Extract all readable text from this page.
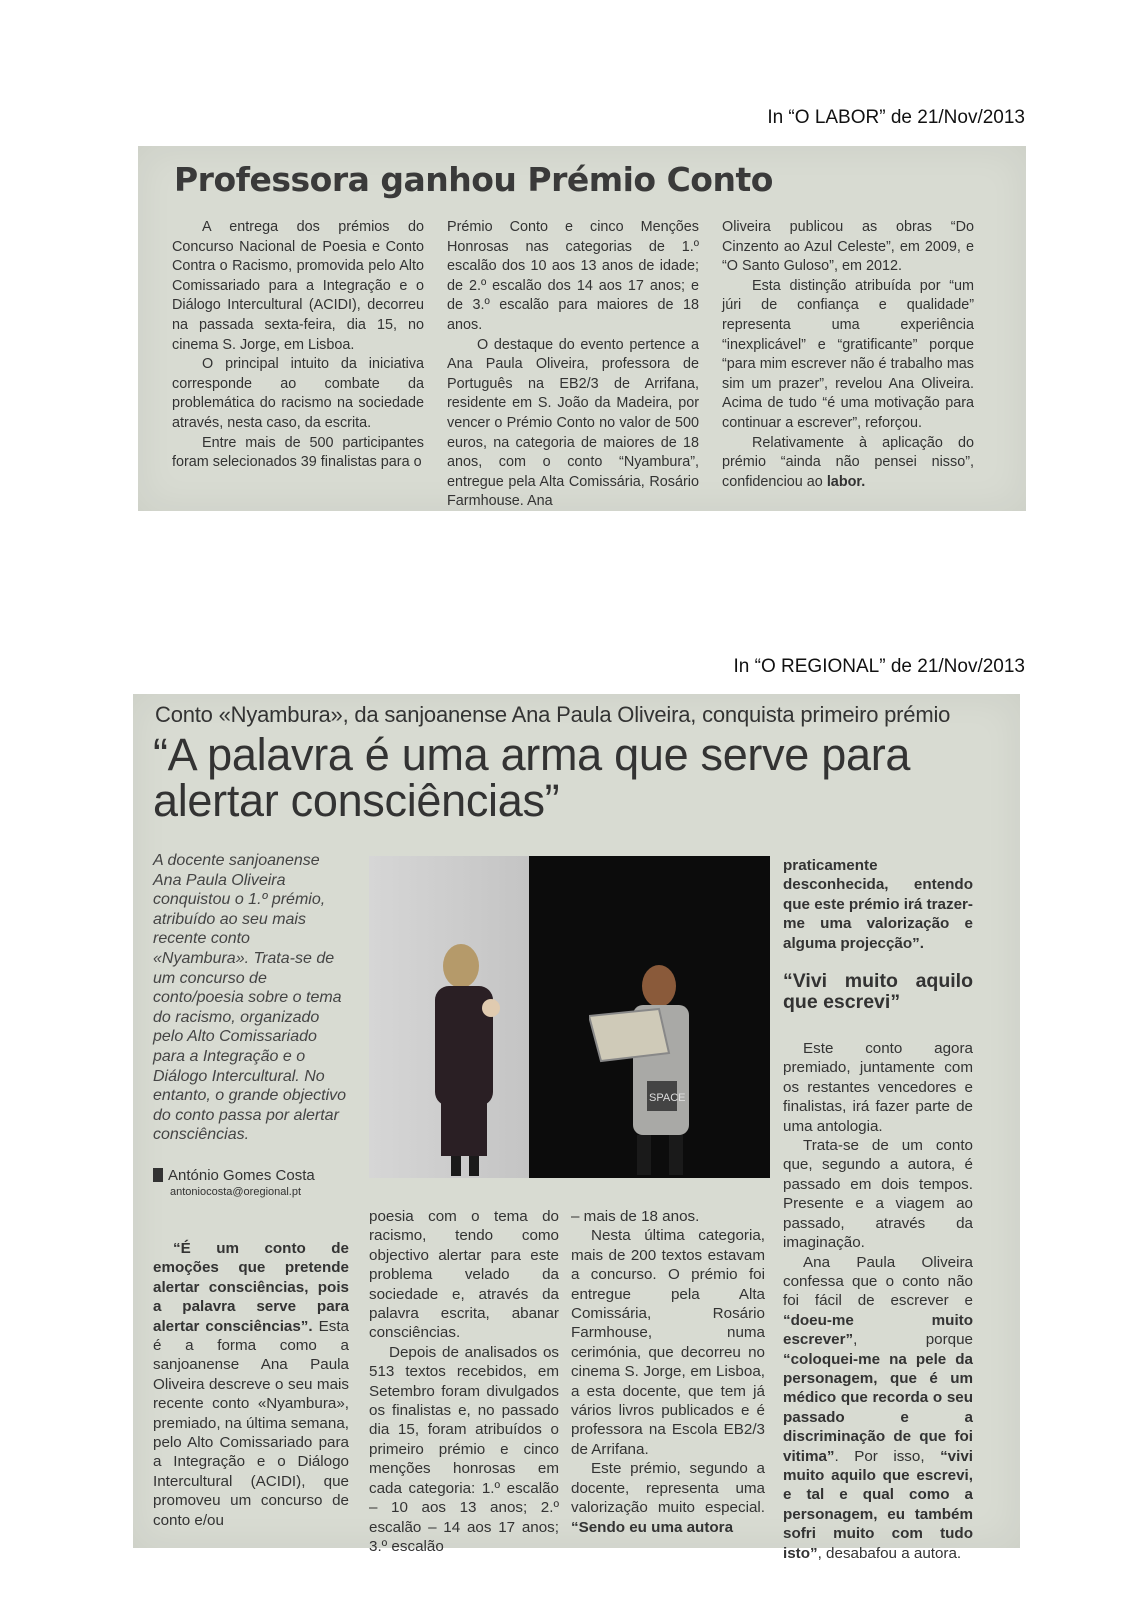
In “O LABOR” de 21/Nov/2013
Professora ganhou Prémio Conto

A entrega dos prémios do Concurso Nacional de Poesia e Conto Contra o Racismo, promovida pelo Alto Comissariado para a Integração e o Diálogo Intercultural (ACIDI), decorreu na passada sexta-feira, dia 15, no cinema S. Jorge, em Lisboa.

O principal intuito da iniciativa corresponde ao combate da problemática do racismo na sociedade através, nesta caso, da escrita.

Entre mais de 500 participantes foram selecionados 39 finalistas para o

Prémio Conto e cinco Menções Honrosas nas categorias de 1.º escalão dos 10 aos 13 anos de idade; de 2.º escalão dos 14 aos 17 anos; e de 3.º escalão para maiores de 18 anos.

O destaque do evento pertence a Ana Paula Oliveira, professora de Português na EB2/3 de Arrifana, residente em S. João da Madeira, por vencer o Prémio Conto no valor de 500 euros, na categoria de maiores de 18 anos, com o conto “Nyambura”, entregue pela Alta Comissária, Rosário Farmhouse. Ana

Oliveira publicou as obras “Do Cinzento ao Azul Celeste”, em 2009, e “O Santo Guloso”, em 2012.

Esta distinção atribuída por “um júri de confiança e qualidade” representa uma experiência “inexplicável” e “gratificante” porque “para mim escrever não é trabalho mas sim um prazer”, revelou Ana Oliveira. Acima de tudo “é uma motivação para continuar a escrever”, reforçou.

Relativamente à aplicação do prémio “ainda não pensei nisso”, confidenciou ao labor.

In “O REGIONAL” de 21/Nov/2013
Conto «Nyambura», da sanjoanense Ana Paula Oliveira, conquista primeiro prémio
“A palavra é uma arma que serve para alertar consciências”
A docente sanjoanense Ana Paula Oliveira conquistou o 1.º prémio, atribuído ao seu mais recente conto «Nyambura». Trata-se de um concurso de conto/poesia sobre o tema do racismo, organizado pelo Alto Comissariado para a Integração e o Diálogo Intercultural. No entanto, o grande objectivo do conto passa por alertar consciências.
António Gomes Costa
antoniocosta@oregional.pt
SPACE

“É um conto de emoções que pretende alertar consciências, pois a palavra serve para alertar consciências”. Esta é a forma como a sanjoanense Ana Paula Oliveira descreve o seu mais recente conto «Nyambura», premiado, na última semana, pelo Alto Comissariado para a Integração e o Diálogo Intercultural (ACIDI), que promoveu um concurso de conto e/ou

poesia com o tema do racismo, tendo como objectivo alertar para este problema velado da sociedade e, através da palavra escrita, abanar consciências.

Depois de analisados os 513 textos recebidos, em Setembro foram divulgados os finalistas e, no passado dia 15, foram atribuídos o primeiro prémio e cinco menções honrosas em cada categoria: 1.º escalão – 10 aos 13 anos; 2.º escalão – 14 aos 17 anos; 3.º escalão

– mais de 18 anos.

Nesta última categoria, mais de 200 textos estavam a concurso. O prémio foi entregue pela Alta Comissária, Rosário Farmhouse, numa cerimónia, que decorreu no cinema S. Jorge, em Lisboa, a esta docente, que tem já vários livros publicados e é professora na Escola EB2/3 de Arrifana.

Este prémio, segundo a docente, representa uma valorização muito especial. “Sendo eu uma autora

praticamente desconhecida, entendo que este prémio irá trazer-me uma valorização e alguma projecção”.

“Vivi muito aquilo que escrevi”

Este conto agora premiado, juntamente com os restantes vencedores e finalistas, irá fazer parte de uma antologia.

Trata-se de um conto que, segundo a autora, é passado em dois tempos. Presente e a viagem ao passado, através da imaginação.

Ana Paula Oliveira confessa que o conto não foi fácil de escrever e “doeu-me muito escrever”, porque “coloquei-me na pele da personagem, que é um médico que recorda o seu passado e a discriminação de que foi vitima”. Por isso, “vivi muito aquilo que escrevi, e tal e qual como a personagem, eu também sofri muito com tudo isto”, desabafou a autora.
